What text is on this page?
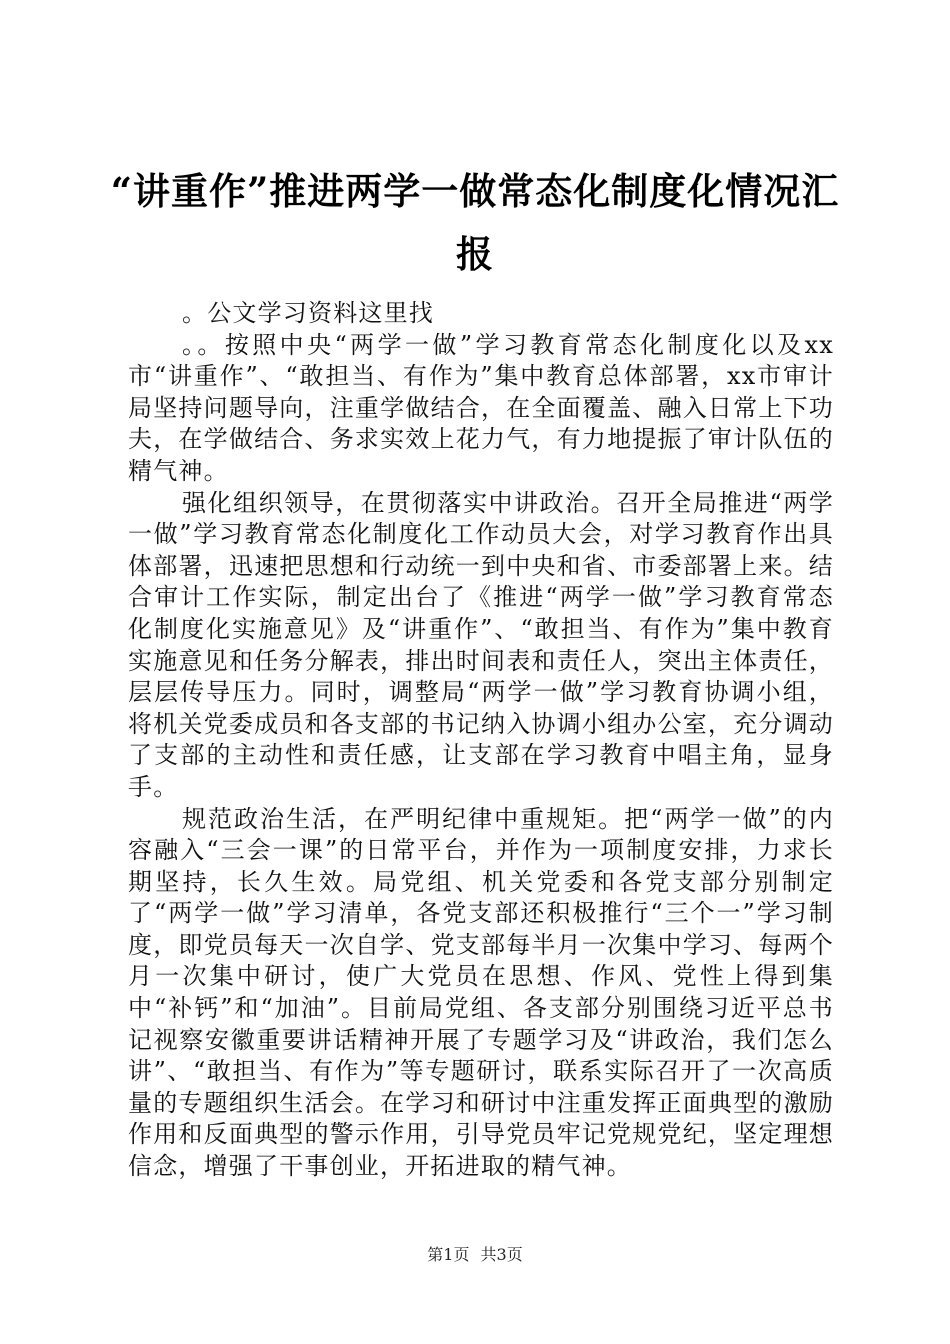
“讲重作”推进两学一做常态化制度化情况汇报

。公文学习资料这里找

。。按照中央“两学一做”学习教育常态化制度化以及xx市“讲重作”、“敢担当、有作为”集中教育总体部署，xx市审计局坚持问题导向，注重学做结合，在全面覆盖、融入日常上下功夫，在学做结合、务求实效上花力气，有力地提振了审计队伍的精气神。

强化组织领导，在贯彻落实中讲政治。召开全局推进“两学一做”学习教育常态化制度化工作动员大会，对学习教育作出具体部署，迅速把思想和行动统一到中央和省、市委部署上来。结合审计工作实际，制定出台了《推进“两学一做”学习教育常态化制度化实施意见》及“讲重作”、“敢担当、有作为”集中教育实施意见和任务分解表，排出时间表和责任人，突出主体责任，层层传导压力。同时，调整局“两学一做”学习教育协调小组，将机关党委成员和各支部的书记纳入协调小组办公室，充分调动了支部的主动性和责任感，让支部在学习教育中唱主角，显身手。

规范政治生活，在严明纪律中重规矩。把“两学一做”的内容融入“三会一课”的日常平台，并作为一项制度安排，力求长期坚持，长久生效。局党组、机关党委和各党支部分别制定了“两学一做”学习清单，各党支部还积极推行“三个一”学习制度，即党员每天一次自学、党支部每半月一次集中学习、每两个月一次集中研讨，使广大党员在思想、作风、党性上得到集中“补钙”和“加油”。目前局党组、各支部分别围绕习近平总书记视察安徽重要讲话精神开展了专题学习及“讲政治，我们怎么讲”、“敢担当、有作为”等专题研讨，联系实际召开了一次高质量的专题组织生活会。在学习和研讨中注重发挥正面典型的激励作用和反面典型的警示作用，引导党员牢记党规党纪，坚定理想信念，增强了干事创业，开拓进取的精气神。

第1页 共3页
